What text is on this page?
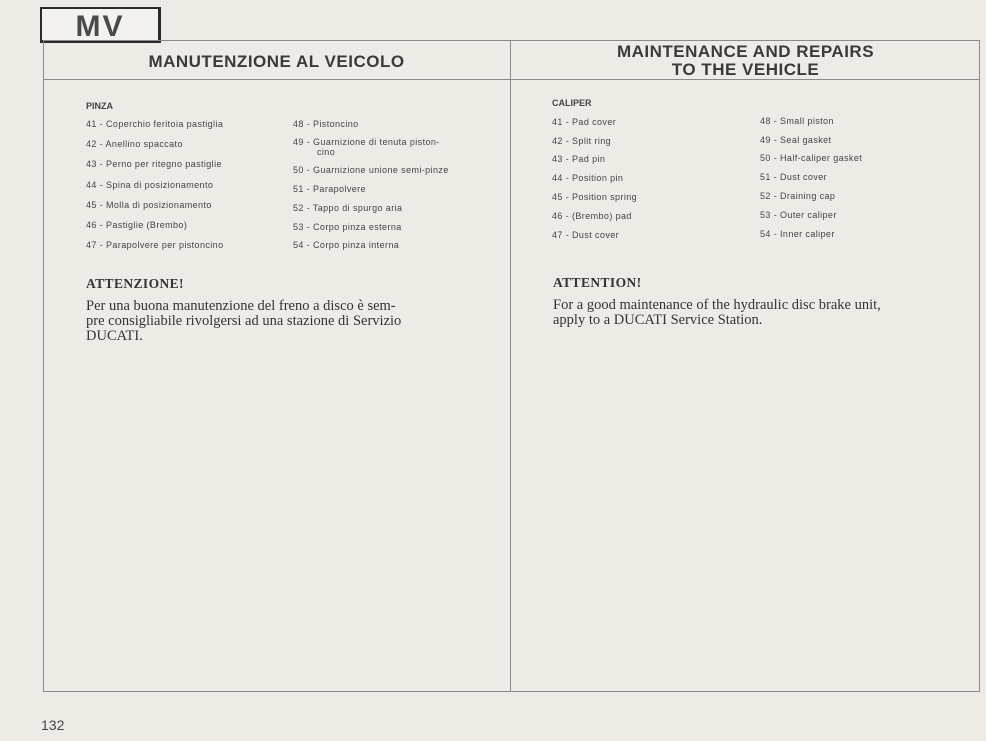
MV
MANUTENZIONE AL VEICOLO
MAINTENANCE AND REPAIRS
TO THE VEHICLE
PINZA
41 - Coperchio feritoia pastiglia
42 - Anellino spaccato
43 - Perno per ritegno pastiglie
44 - Spina di posizionamento
45 - Molla di posizionamento
46 - Pastiglie (Brembo)
47 - Parapolvere per pistoncino
48 - Pistoncino
49 - Guarnizione di tenuta piston-
cino
50 - Guarnizione unione semi-pinze
51 - Parapolvere
52 - Tappo di spurgo aria
53 - Corpo pinza esterna
54 - Corpo pinza interna
ATTENZIONE!
Per una buona manutenzione del freno a disco è sem-
pre consigliabile rivolgersi ad una stazione di Servizio
DUCATI.
CALIPER
41 - Pad cover
42 - Split ring
43 - Pad pin
44 - Position pin
45 - Position spring
46 - (Brembo) pad
47 - Dust cover
48 - Small piston
49 - Seal gasket
50 - Half-caliper gasket
51 - Dust cover
52 - Draining cap
53 - Outer caliper
54 - Inner caliper
ATTENTION!
For a good maintenance of the hydraulic disc brake unit,
apply to a DUCATI Service Station.
132
